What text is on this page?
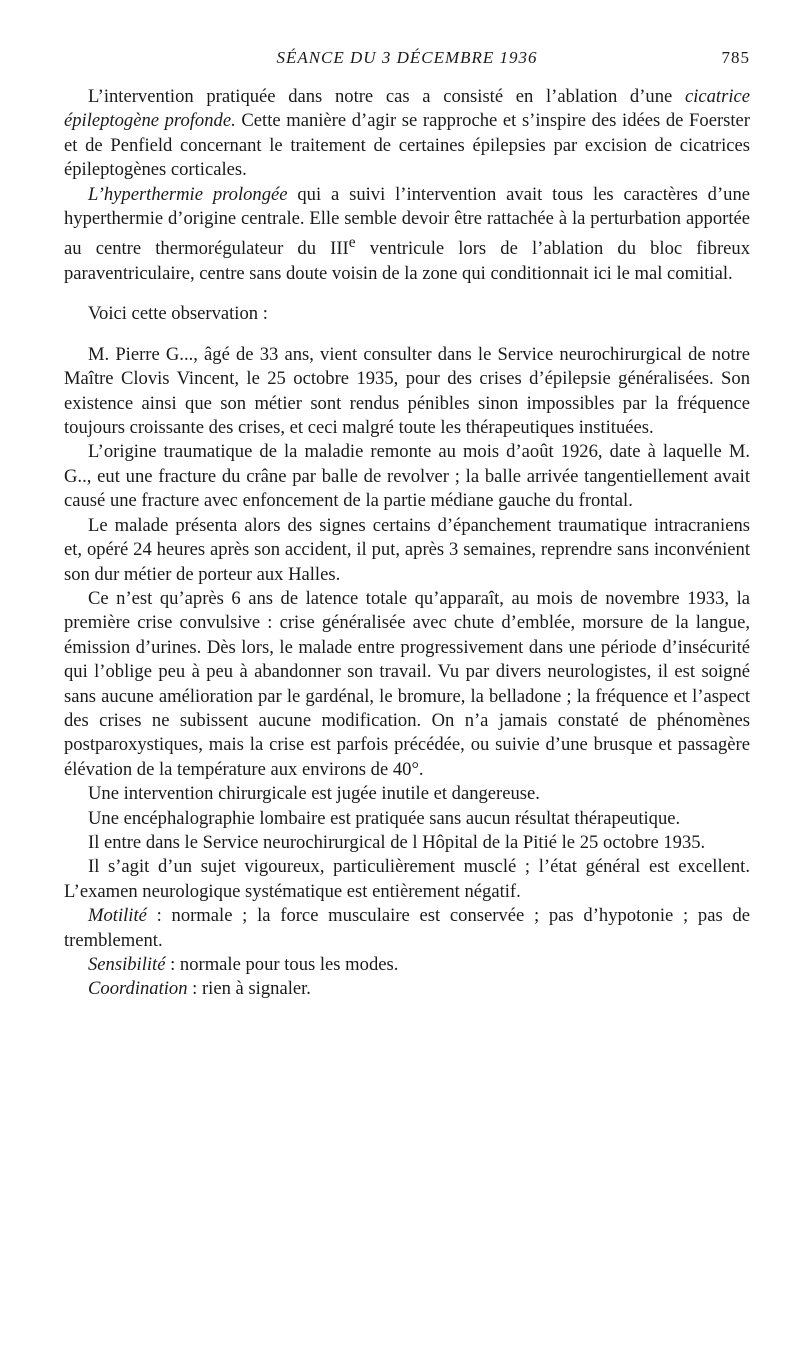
SÉANCE DU 3 DÉCEMBRE 1936	785

L’intervention pratiquée dans notre cas a consisté en l’ablation d’une cicatrice épileptogène profonde. Cette manière d’agir se rapproche et s’inspire des idées de Foerster et de Penfield concernant le traitement de certaines épilepsies par excision de cicatrices épileptogènes corticales.

L’hyperthermie prolongée qui a suivi l’intervention avait tous les caractères d’une hyperthermie d’origine centrale. Elle semble devoir être rattachée à la perturbation apportée au centre thermorégulateur du IIIe ventricule lors de l’ablation du bloc fibreux paraventriculaire, centre sans doute voisin de la zone qui conditionnait ici le mal comitial.

Voici cette observation :

M. Pierre G..., âgé de 33 ans, vient consulter dans le Service neurochirurgical de notre Maître Clovis Vincent, le 25 octobre 1935, pour des crises d’épilepsie généralisées. Son existence ainsi que son métier sont rendus pénibles sinon impossibles par la fréquence toujours croissante des crises, et ceci malgré toute les thérapeutiques instituées.

L’origine traumatique de la maladie remonte au mois d’août 1926, date à laquelle M. G.., eut une fracture du crâne par balle de revolver ; la balle arrivée tangentiellement avait causé une fracture avec enfoncement de la partie médiane gauche du frontal.

Le malade présenta alors des signes certains d’épanchement traumatique intracraniens et, opéré 24 heures après son accident, il put, après 3 semaines, reprendre sans inconvénient son dur métier de porteur aux Halles.

Ce n’est qu’après 6 ans de latence totale qu’apparaît, au mois de novembre 1933, la première crise convulsive : crise généralisée avec chute d’emblée, morsure de la langue, émission d’urines. Dès lors, le malade entre progressivement dans une période d’insécurité qui l’oblige peu à peu à abandonner son travail. Vu par divers neurologistes, il est soigné sans aucune amélioration par le gardénal, le bromure, la belladone ; la fréquence et l’aspect des crises ne subissent aucune modification. On n’a jamais constaté de phénomènes postparoxystiques, mais la crise est parfois précédée, ou suivie d’une brusque et passagère élévation de la température aux environs de 40°.

Une intervention chirurgicale est jugée inutile et dangereuse.

Une encéphalographie lombaire est pratiquée sans aucun résultat thérapeutique.

Il entre dans le Service neurochirurgical de l Hôpital de la Pitié le 25 octobre 1935.

Il s’agit d’un sujet vigoureux, particulièrement musclé ; l’état général est excellent. L’examen neurologique systématique est entièrement négatif.

Motilité : normale ; la force musculaire est conservée ; pas d’hypotonie ; pas de tremblement.

Sensibilité : normale pour tous les modes.

Coordination : rien à signaler.
